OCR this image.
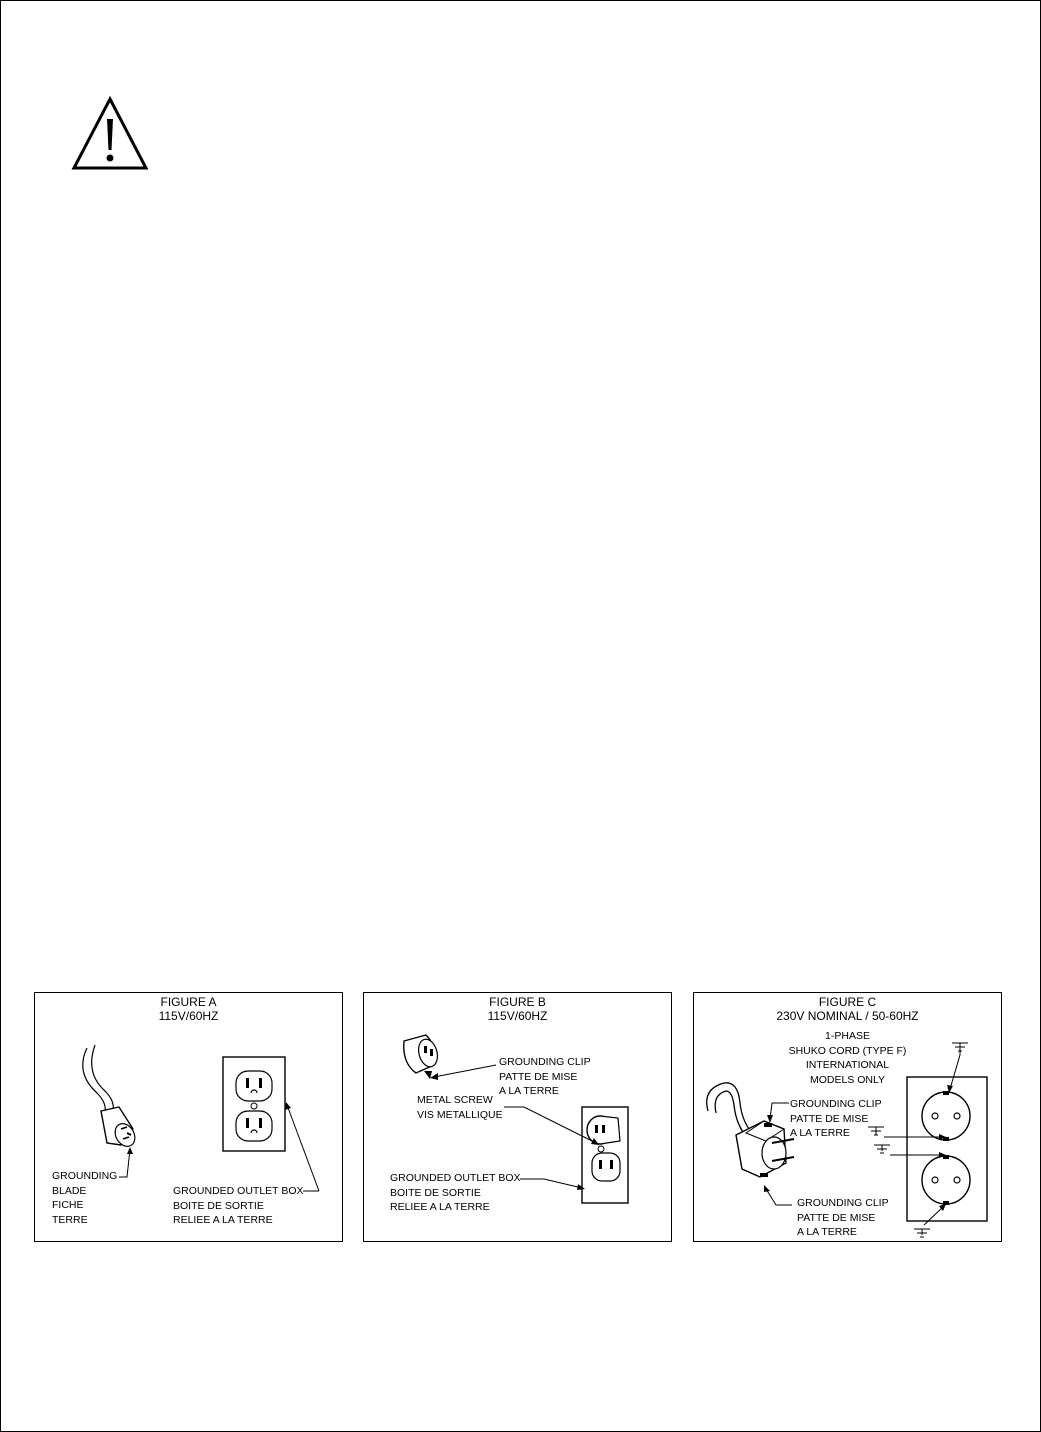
FIGURE A
115V/60HZ
GROUNDING
BLADE
FICHE
TERRE
GROUNDED OUTLET BOX
BOITE DE SORTIE
RELIEE A LA TERRE
FIGURE B
115V/60HZ
GROUNDING CLIP
PATTE DE MISE
A LA TERRE
METAL SCREW
VIS METALLIQUE
GROUNDED OUTLET BOX
BOITE DE SORTIE
RELIEE A LA TERRE
FIGURE C
230V NOMINAL / 50-60HZ
1-PHASE
SHUKO CORD (TYPE F)
INTERNATIONAL
MODELS ONLY
GROUNDING CLIP
PATTE DE MISE
A LA TERRE
GROUNDING CLIP
PATTE DE MISE
A LA TERRE
